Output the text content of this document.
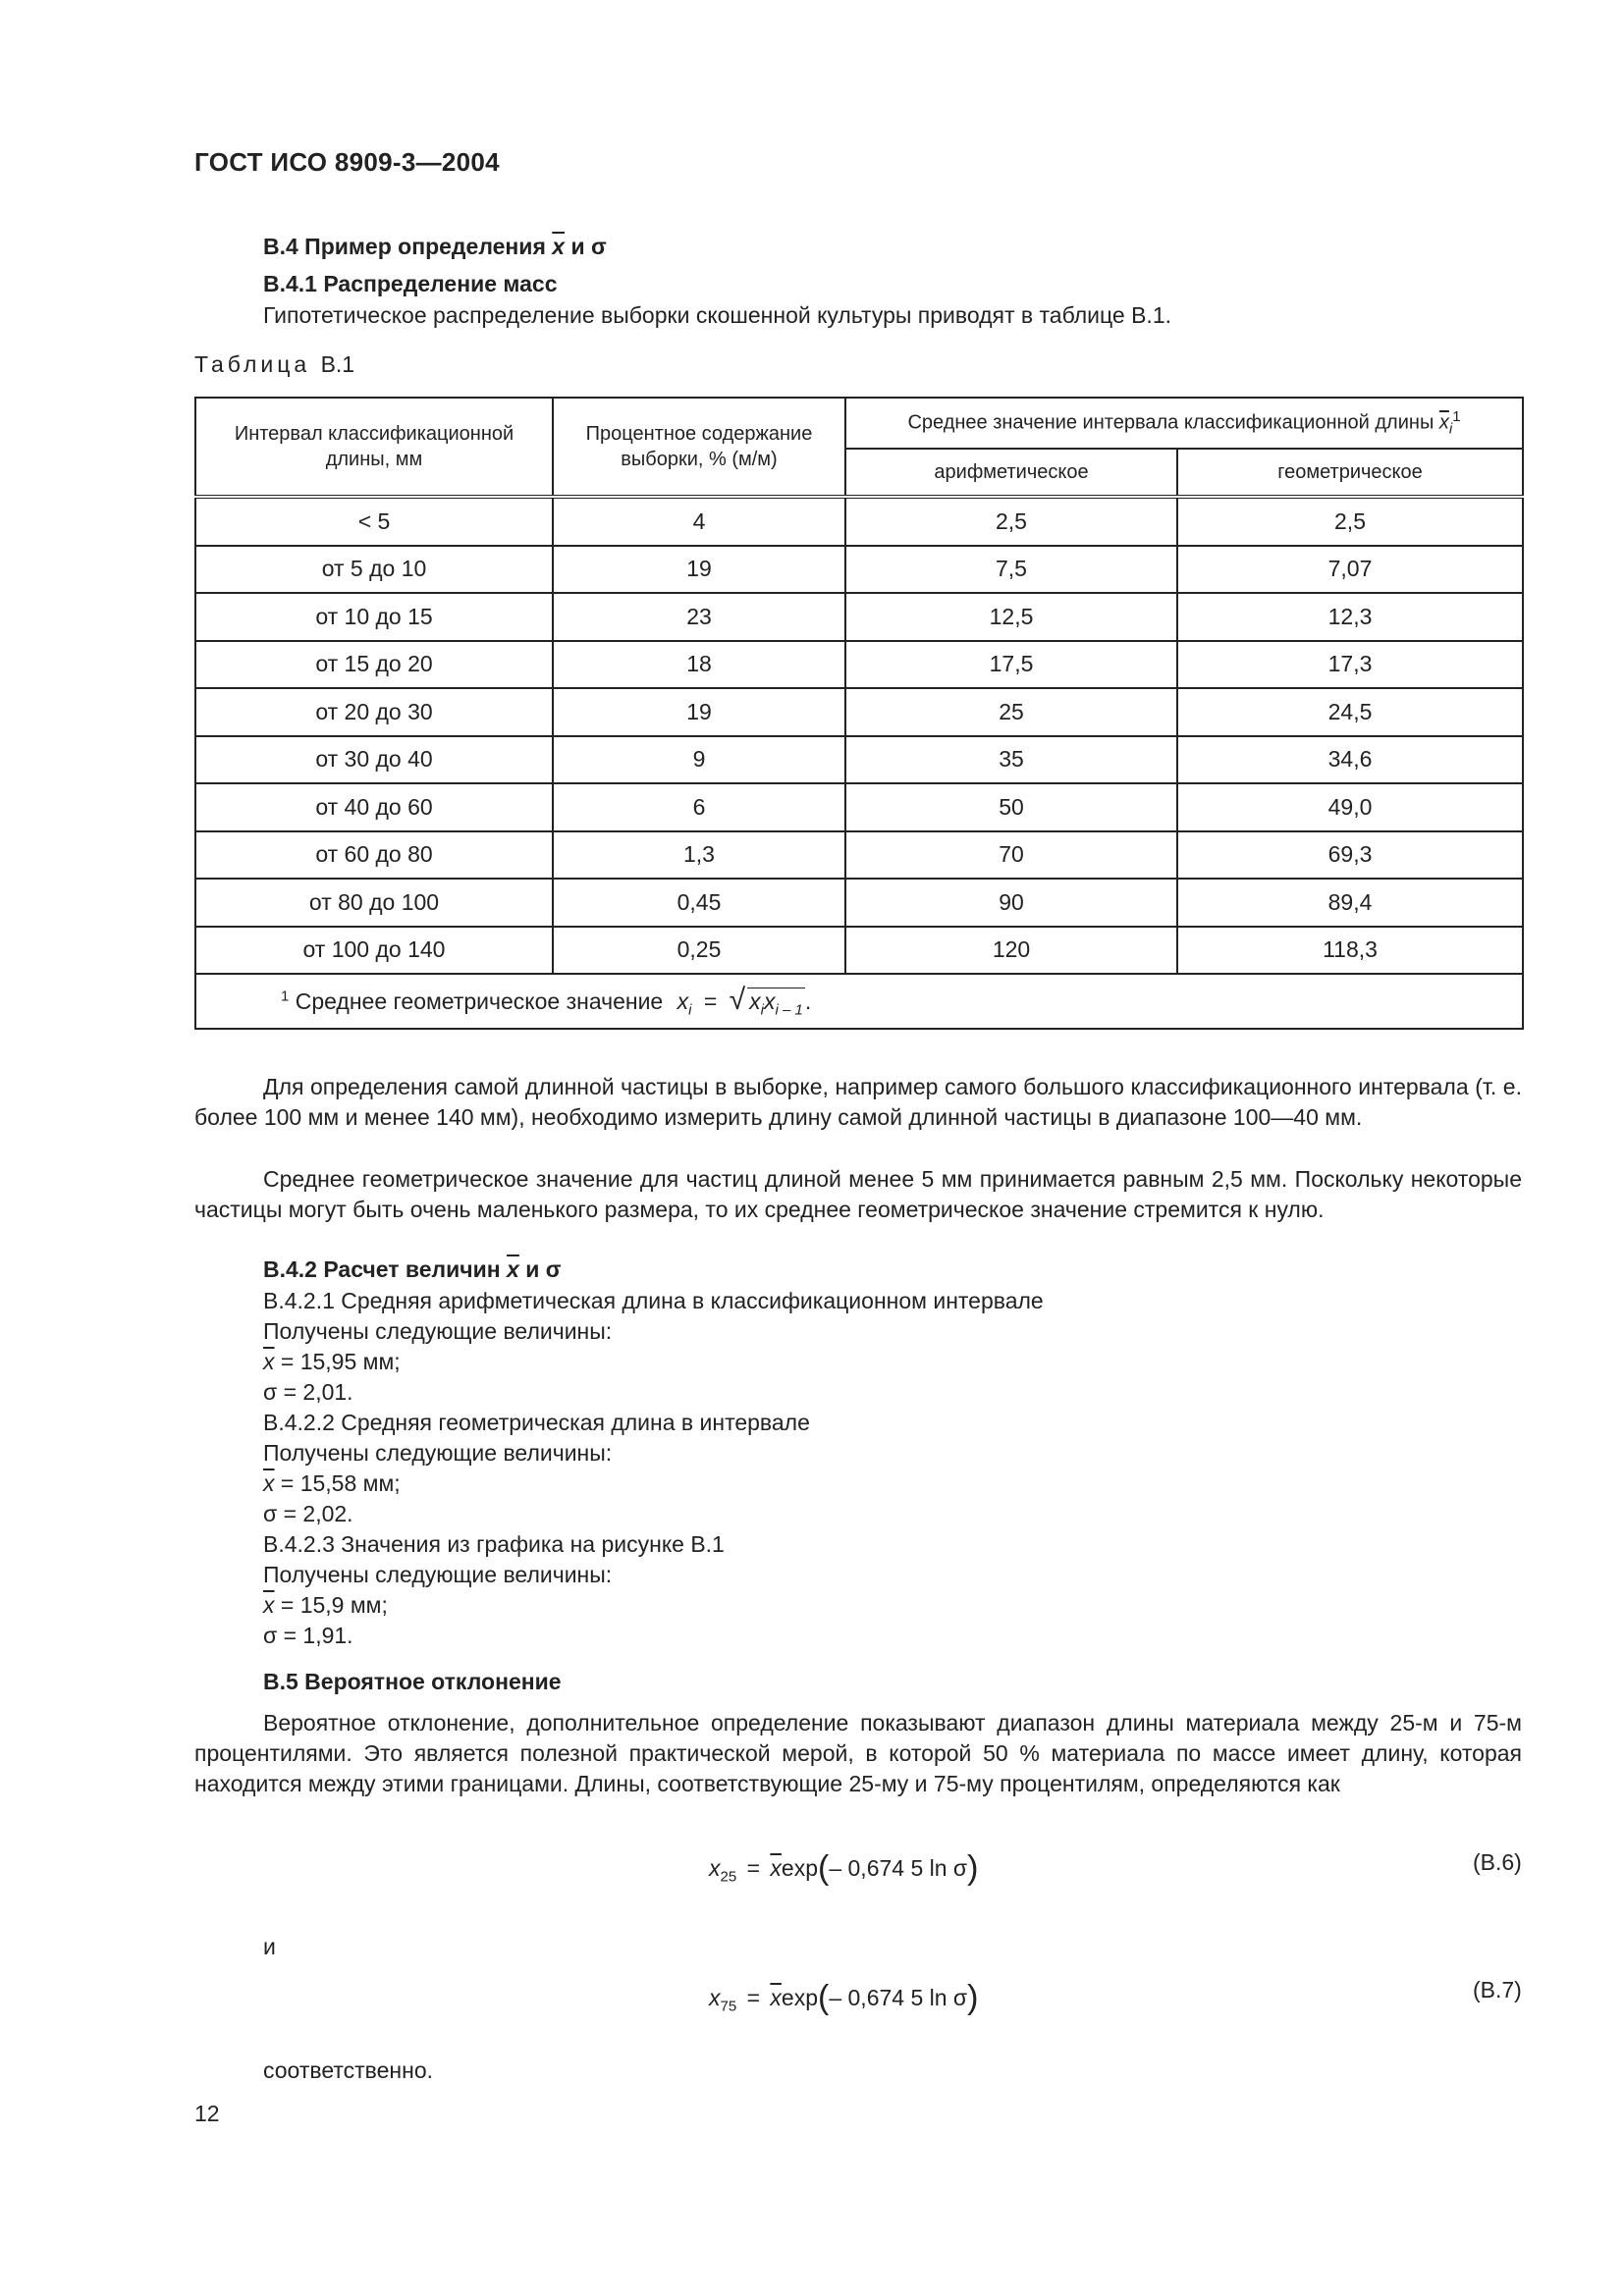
ГОСТ ИСО 8909-3—2004
В.4 Пример определения $\overline{x}$ и σ
В.4.1 Распределение масс
Гипотетическое распределение выборки скошенной культуры приводят в таблице В.1.
Таблица В.1
Интервал классификационной длины, мм	Процентное содержание выборки, % (м/м)	Среднее значение интервала классификационной длины $\overline{x}_i^1$
		арифметическое	геометрическое
< 5	4	2,5	2,5
от 5 до 10	19	7,5	7,07
от 10 до 15	23	12,5	12,3
от 15 до 20	18	17,5	17,3
от 20 до 30	19	25	24,5
от 30 до 40	9	35	34,6
от 40 до 60	6	50	49,0
от 60 до 80	1,3	70	69,3
от 80 до 100	0,45	90	89,4
от 100 до 140	0,25	120	118,3
$^1$ Среднее геометрическое значение $x_i$ = √ $x_ix_{i - 1}$.			
Для определения самой длинной частицы в выборке, например самого большого классификационного интервала (т. е. более 100 мм и менее 140 мм), необходимо измерить длину самой длинной частицы в диапазоне 100—40 мм.
Среднее геометрическое значение для частиц длиной менее 5 мм принимается равным 2,5 мм. Поскольку некоторые частицы могут быть очень маленького размера, то их среднее геометрическое значение стремится к нулю.
В.4.2 Расчет величин $\overline{x}$ и σ
В.4.2.1 Средняя арифметическая длина в классификационном интервале
Получены следующие величины:
$\overline{x} = 15,95$ мм;
σ = 2,01.
В.4.2.2 Средняя геометрическая длина в интервале
Получены следующие величины:
$\overline{x} = 15,58$ мм;
σ = 2,02.
В.4.2.3 Значения из графика на рисунке В.1
Получены следующие величины:
$\overline{x} = 15,9$ мм;
σ = 1,91.
В.5 Вероятное отклонение
Вероятное отклонение, дополнительное определение показывают диапазон длины материала между 25-м и 75-м процентилями. Это является полезной практической мерой, в которой 50 % материала по массе имеет длину, которая находится между этими границами. Длины, соответствующие 25-му и 75-му процентилям, определяются как
$x_{25} = \overline{x}\exp(-$ 0,674 5 ln σ)	(В.6)
и
$x_{75} = \overline{x}\exp(-$ 0,674 5 ln σ)	(В.7)
соответственно.
12
